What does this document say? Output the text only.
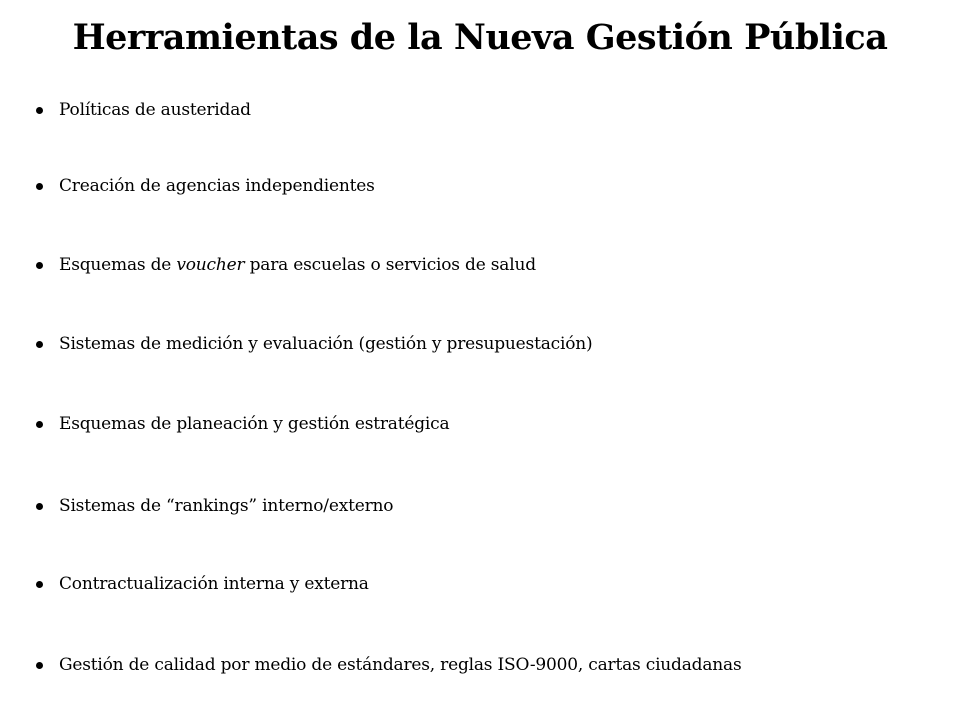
Herramientas de la Nueva Gestión Pública
Políticas de austeridad
Creación de agencias independientes
Esquemas de voucher para escuelas o servicios de salud
Sistemas de medición y evaluación (gestión y presupuestación)
Esquemas de planeación y gestión estratégica
Sistemas de “rankings” interno/externo
Contractualización interna y externa
Gestión de calidad por medio de estándares, reglas ISO-9000, cartas ciudadanas
